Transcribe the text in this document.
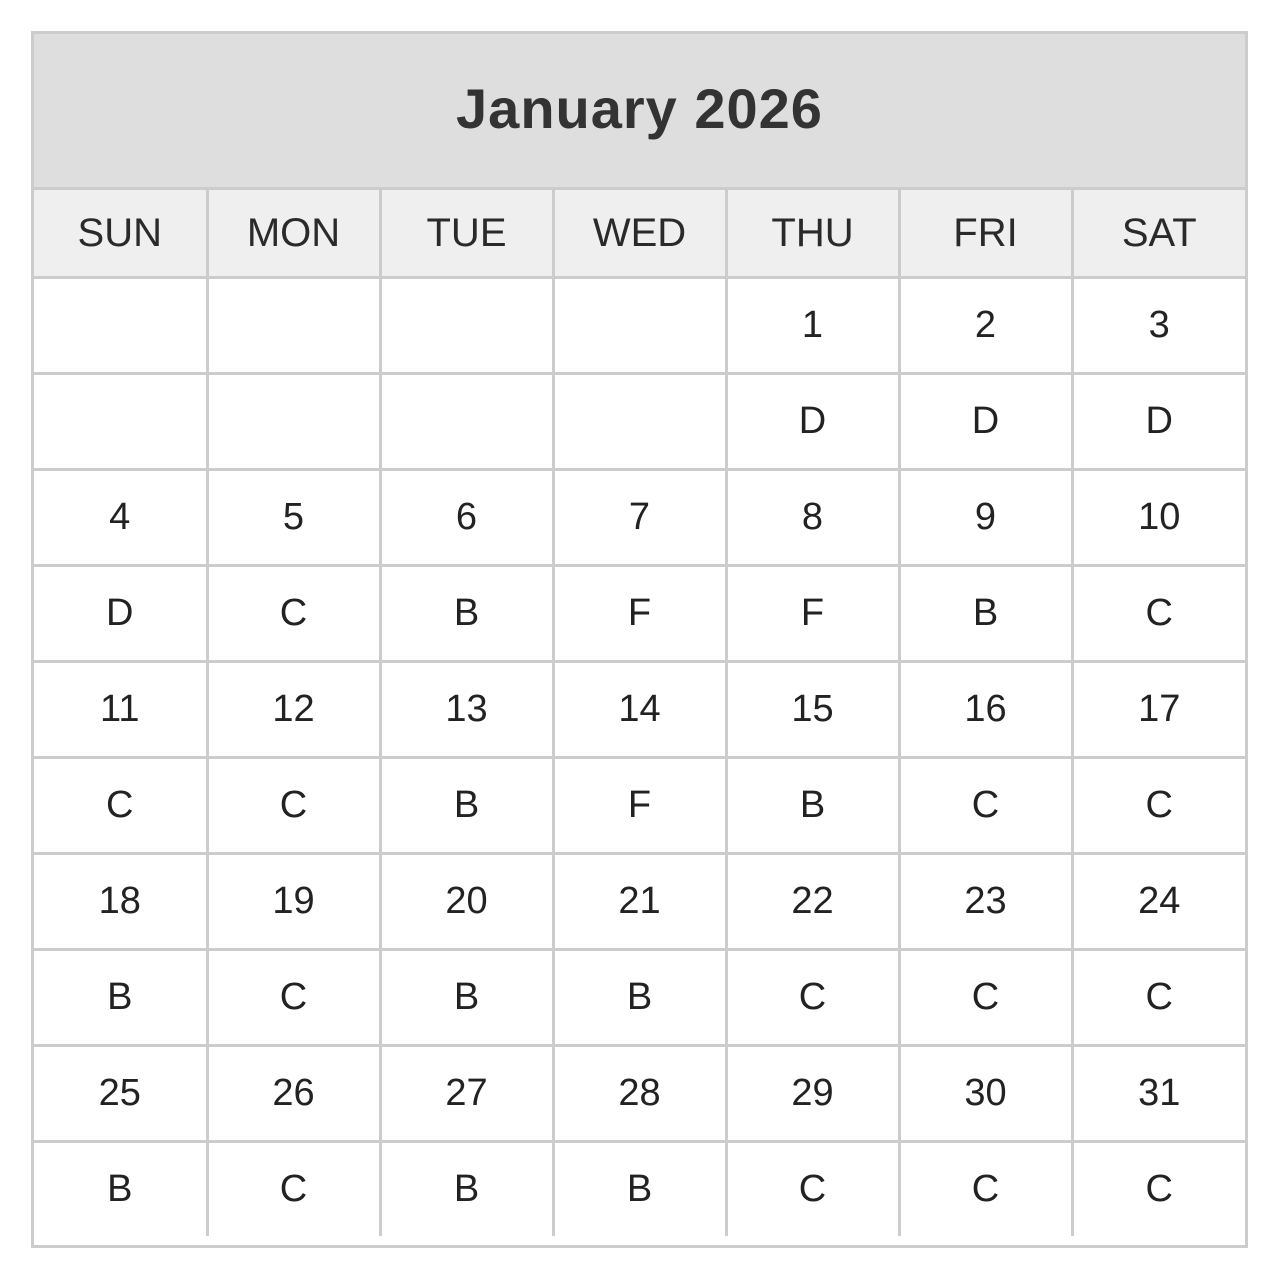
January 2026
SUN	MON	TUE	WED	THU	FRI	SAT
				1	2	3
				D	D	D
4	5	6	7	8	9	10
D	C	B	F	F	B	C
11	12	13	14	15	16	17
C	C	B	F	B	C	C
18	19	20	21	22	23	24
B	C	B	B	C	C	C
25	26	27	28	29	30	31
B	C	B	B	C	C	C
